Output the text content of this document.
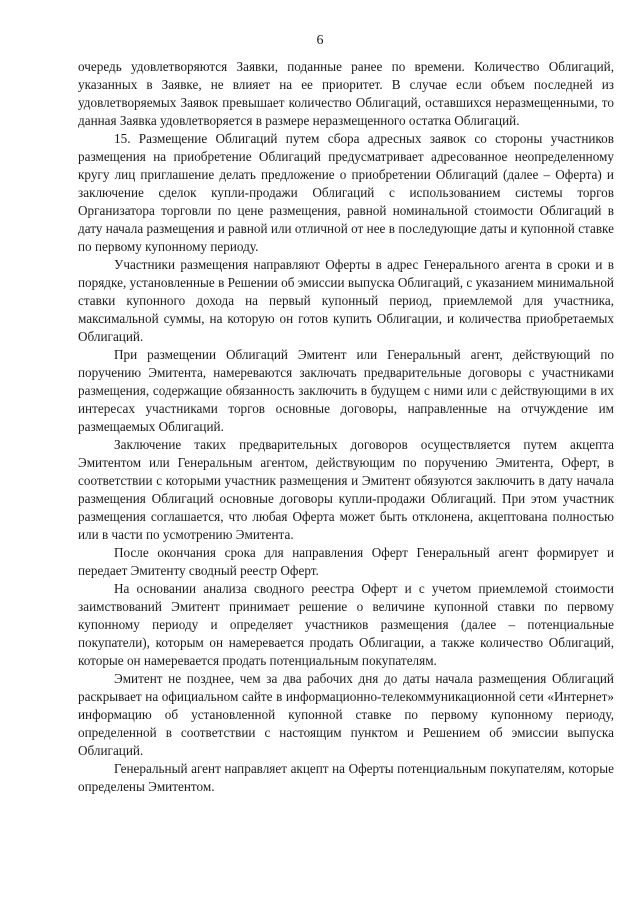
6

очередь удовлетворяются Заявки, поданные ранее по времени. Количество Облигаций, указанных в Заявке, не влияет на ее приоритет. В случае если объем последней из удовлетворяемых Заявок превышает количество Облигаций, оставшихся неразмещенными, то данная Заявка удовлетворяется в размере неразмещенного остатка Облигаций.

15. Размещение Облигаций путем сбора адресных заявок со стороны участников размещения на приобретение Облигаций предусматривает адресованное неопределенному кругу лиц приглашение делать предложение о приобретении Облигаций (далее – Оферта) и заключение сделок купли-продажи Облигаций с использованием системы торгов Организатора торговли по цене размещения, равной номинальной стоимости Облигаций в дату начала размещения и равной или отличной от нее в последующие даты и купонной ставке по первому купонному периоду.

Участники размещения направляют Оферты в адрес Генерального агента в сроки и в порядке, установленные в Решении об эмиссии выпуска Облигаций, с указанием минимальной ставки купонного дохода на первый купонный период, приемлемой для участника, максимальной суммы, на которую он готов купить Облигации, и количества приобретаемых Облигаций.

При размещении Облигаций Эмитент или Генеральный агент, действующий по поручению Эмитента, намереваются заключать предварительные договоры с участниками размещения, содержащие обязанность заключить в будущем с ними или с действующими в их интересах участниками торгов основные договоры, направленные на отчуждение им размещаемых Облигаций.

Заключение таких предварительных договоров осуществляется путем акцепта Эмитентом или Генеральным агентом, действующим по поручению Эмитента, Оферт, в соответствии с которыми участник размещения и Эмитент обязуются заключить в дату начала размещения Облигаций основные договоры купли-продажи Облигаций. При этом участник размещения соглашается, что любая Оферта может быть отклонена, акцептована полностью или в части по усмотрению Эмитента.

После окончания срока для направления Оферт Генеральный агент формирует и передает Эмитенту сводный реестр Оферт.

На основании анализа сводного реестра Оферт и с учетом приемлемой стоимости заимствований Эмитент принимает решение о величине купонной ставки по первому купонному периоду и определяет участников размещения (далее – потенциальные покупатели), которым он намеревается продать Облигации, а также количество Облигаций, которые он намеревается продать потенциальным покупателям.

Эмитент не позднее, чем за два рабочих дня до даты начала размещения Облигаций раскрывает на официальном сайте в информационно-телекоммуникационной сети «Интернет» информацию об установленной купонной ставке по первому купонному периоду, определенной в соответствии с настоящим пунктом и Решением об эмиссии выпуска Облигаций.

Генеральный агент направляет акцепт на Оферты потенциальным покупателям, которые определены Эмитентом.
